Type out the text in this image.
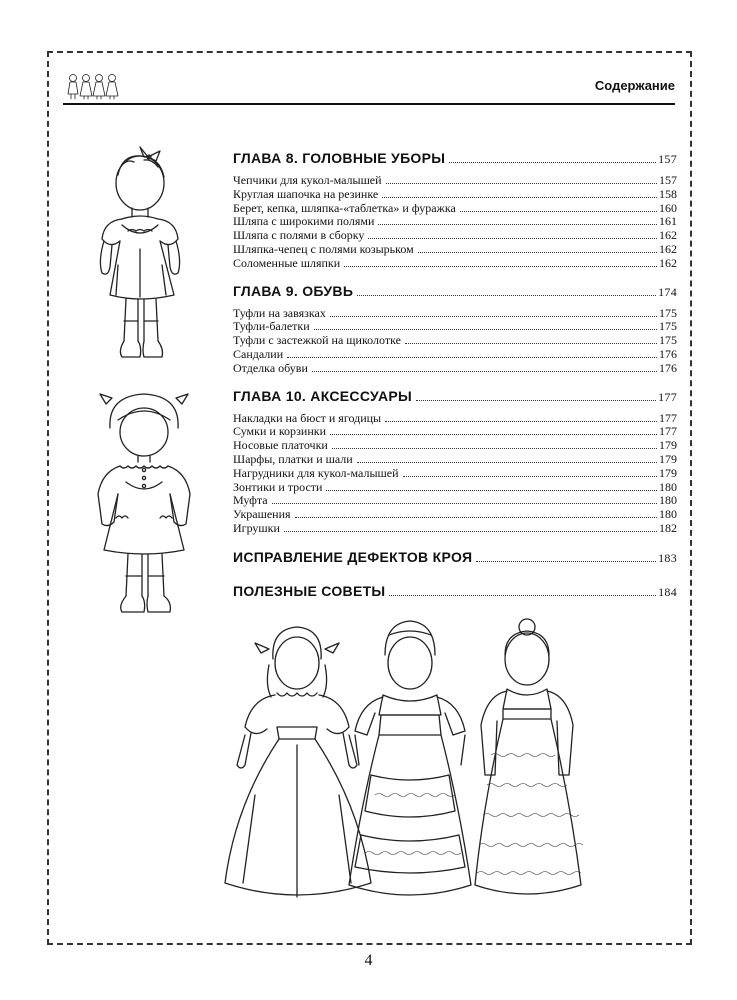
Содержание
ГЛАВА 8. ГОЛОВНЫЕ УБОРЫ	157
Чепчики для кукол-малышей	157
Круглая шапочка на резинке	158
Берет, кепка, шляпка-«таблетка» и фуражка	160
Шляпа с широкими полями	161
Шляпа с полями в сборку	162
Шляпка-чепец с полями козырьком	162
Соломенные шляпки	162
ГЛАВА 9. ОБУВЬ	174
Туфли на завязках	175
Туфли-балетки	175
Туфли с застежкой на щиколотке	175
Сандалии	176
Отделка обуви	176
ГЛАВА 10. АКСЕССУАРЫ	177
Накладки на бюст и ягодицы	177
Сумки и корзинки	177
Носовые платочки	179
Шарфы, платки и шали	179
Нагрудники для кукол-малышей	179
Зонтики и трости	180
Муфта	180
Украшения	180
Игрушки	182
ИСПРАВЛЕНИЕ ДЕФЕКТОВ КРОЯ	183
ПОЛЕЗНЫЕ СОВЕТЫ	184
4
